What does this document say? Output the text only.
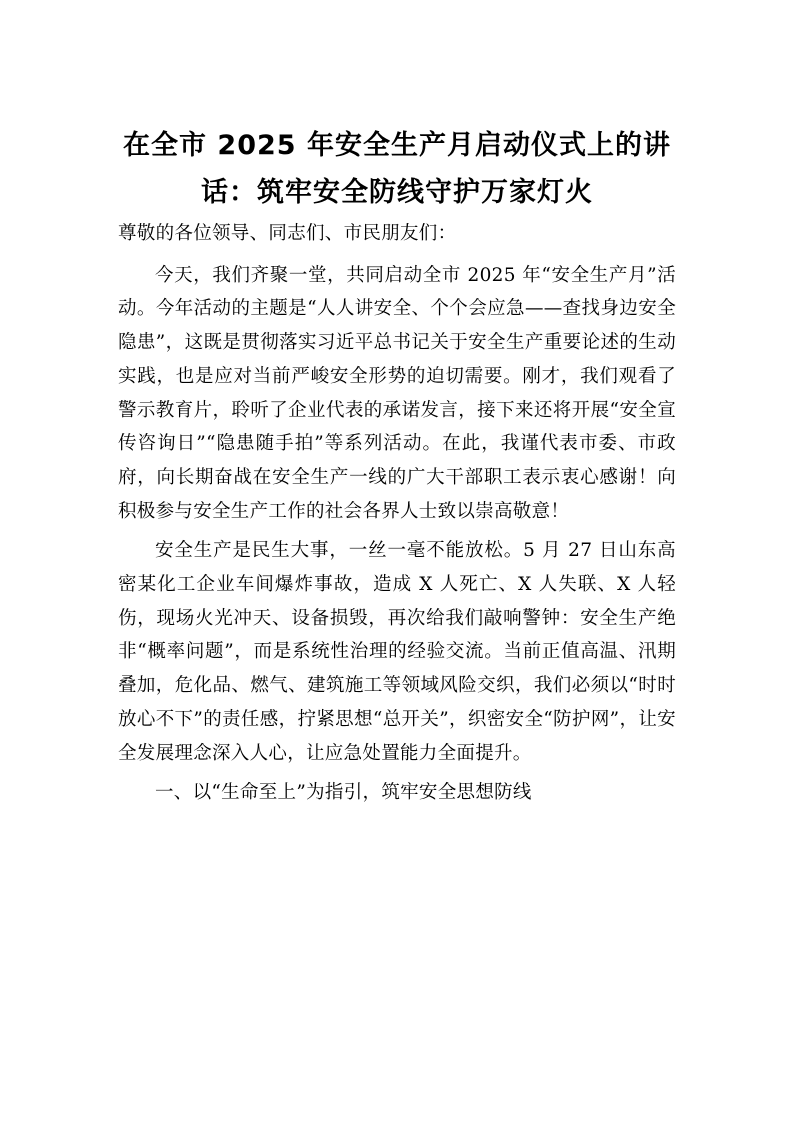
在全市 2025 年安全生产月启动仪式上的讲
话：筑牢安全防线守护万家灯火

尊敬的各位领导、同志们、市民朋友们：

今天，我们齐聚一堂，共同启动全市 2025 年“安全生产月”活动。今年活动的主题是“人人讲安全、个个会应急——查找身边安全隐患”，这既是贯彻落实习近平总书记关于安全生产重要论述的生动实践，也是应对当前严峻安全形势的迫切需要。刚才，我们观看了警示教育片，聆听了企业代表的承诺发言，接下来还将开展“安全宣传咨询日”“隐患随手拍”等系列活动。在此，我谨代表市委、市政府，向长期奋战在安全生产一线的广大干部职工表示衷心感谢！向积极参与安全生产工作的社会各界人士致以崇高敬意！

安全生产是民生大事，一丝一毫不能放松。5 月 27 日山东高密某化工企业车间爆炸事故，造成 X 人死亡、X 人失联、X 人轻伤，现场火光冲天、设备损毁，再次给我们敲响警钟：安全生产绝非“概率问题”，而是系统性治理的经验交流。当前正值高温、汛期叠加，危化品、燃气、建筑施工等领域风险交织，我们必须以“时时放心不下”的责任感，拧紧思想“总开关”，织密安全“防护网”，让安全发展理念深入人心，让应急处置能力全面提升。

一、以“生命至上”为指引，筑牢安全思想防线
